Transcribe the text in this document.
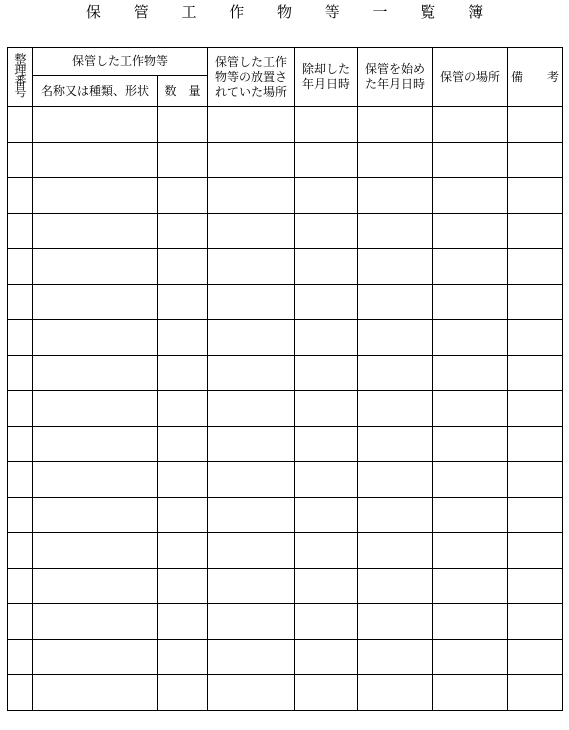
保 管 工 作 物 等 一 覧 簿
整理番号	保管した工作物等		保管した工作物等の放置されていた場所	除却した年月日時	保管を始めた年月日時	保管の場所	備　　考
	名称又は種類、形状	数　量					
